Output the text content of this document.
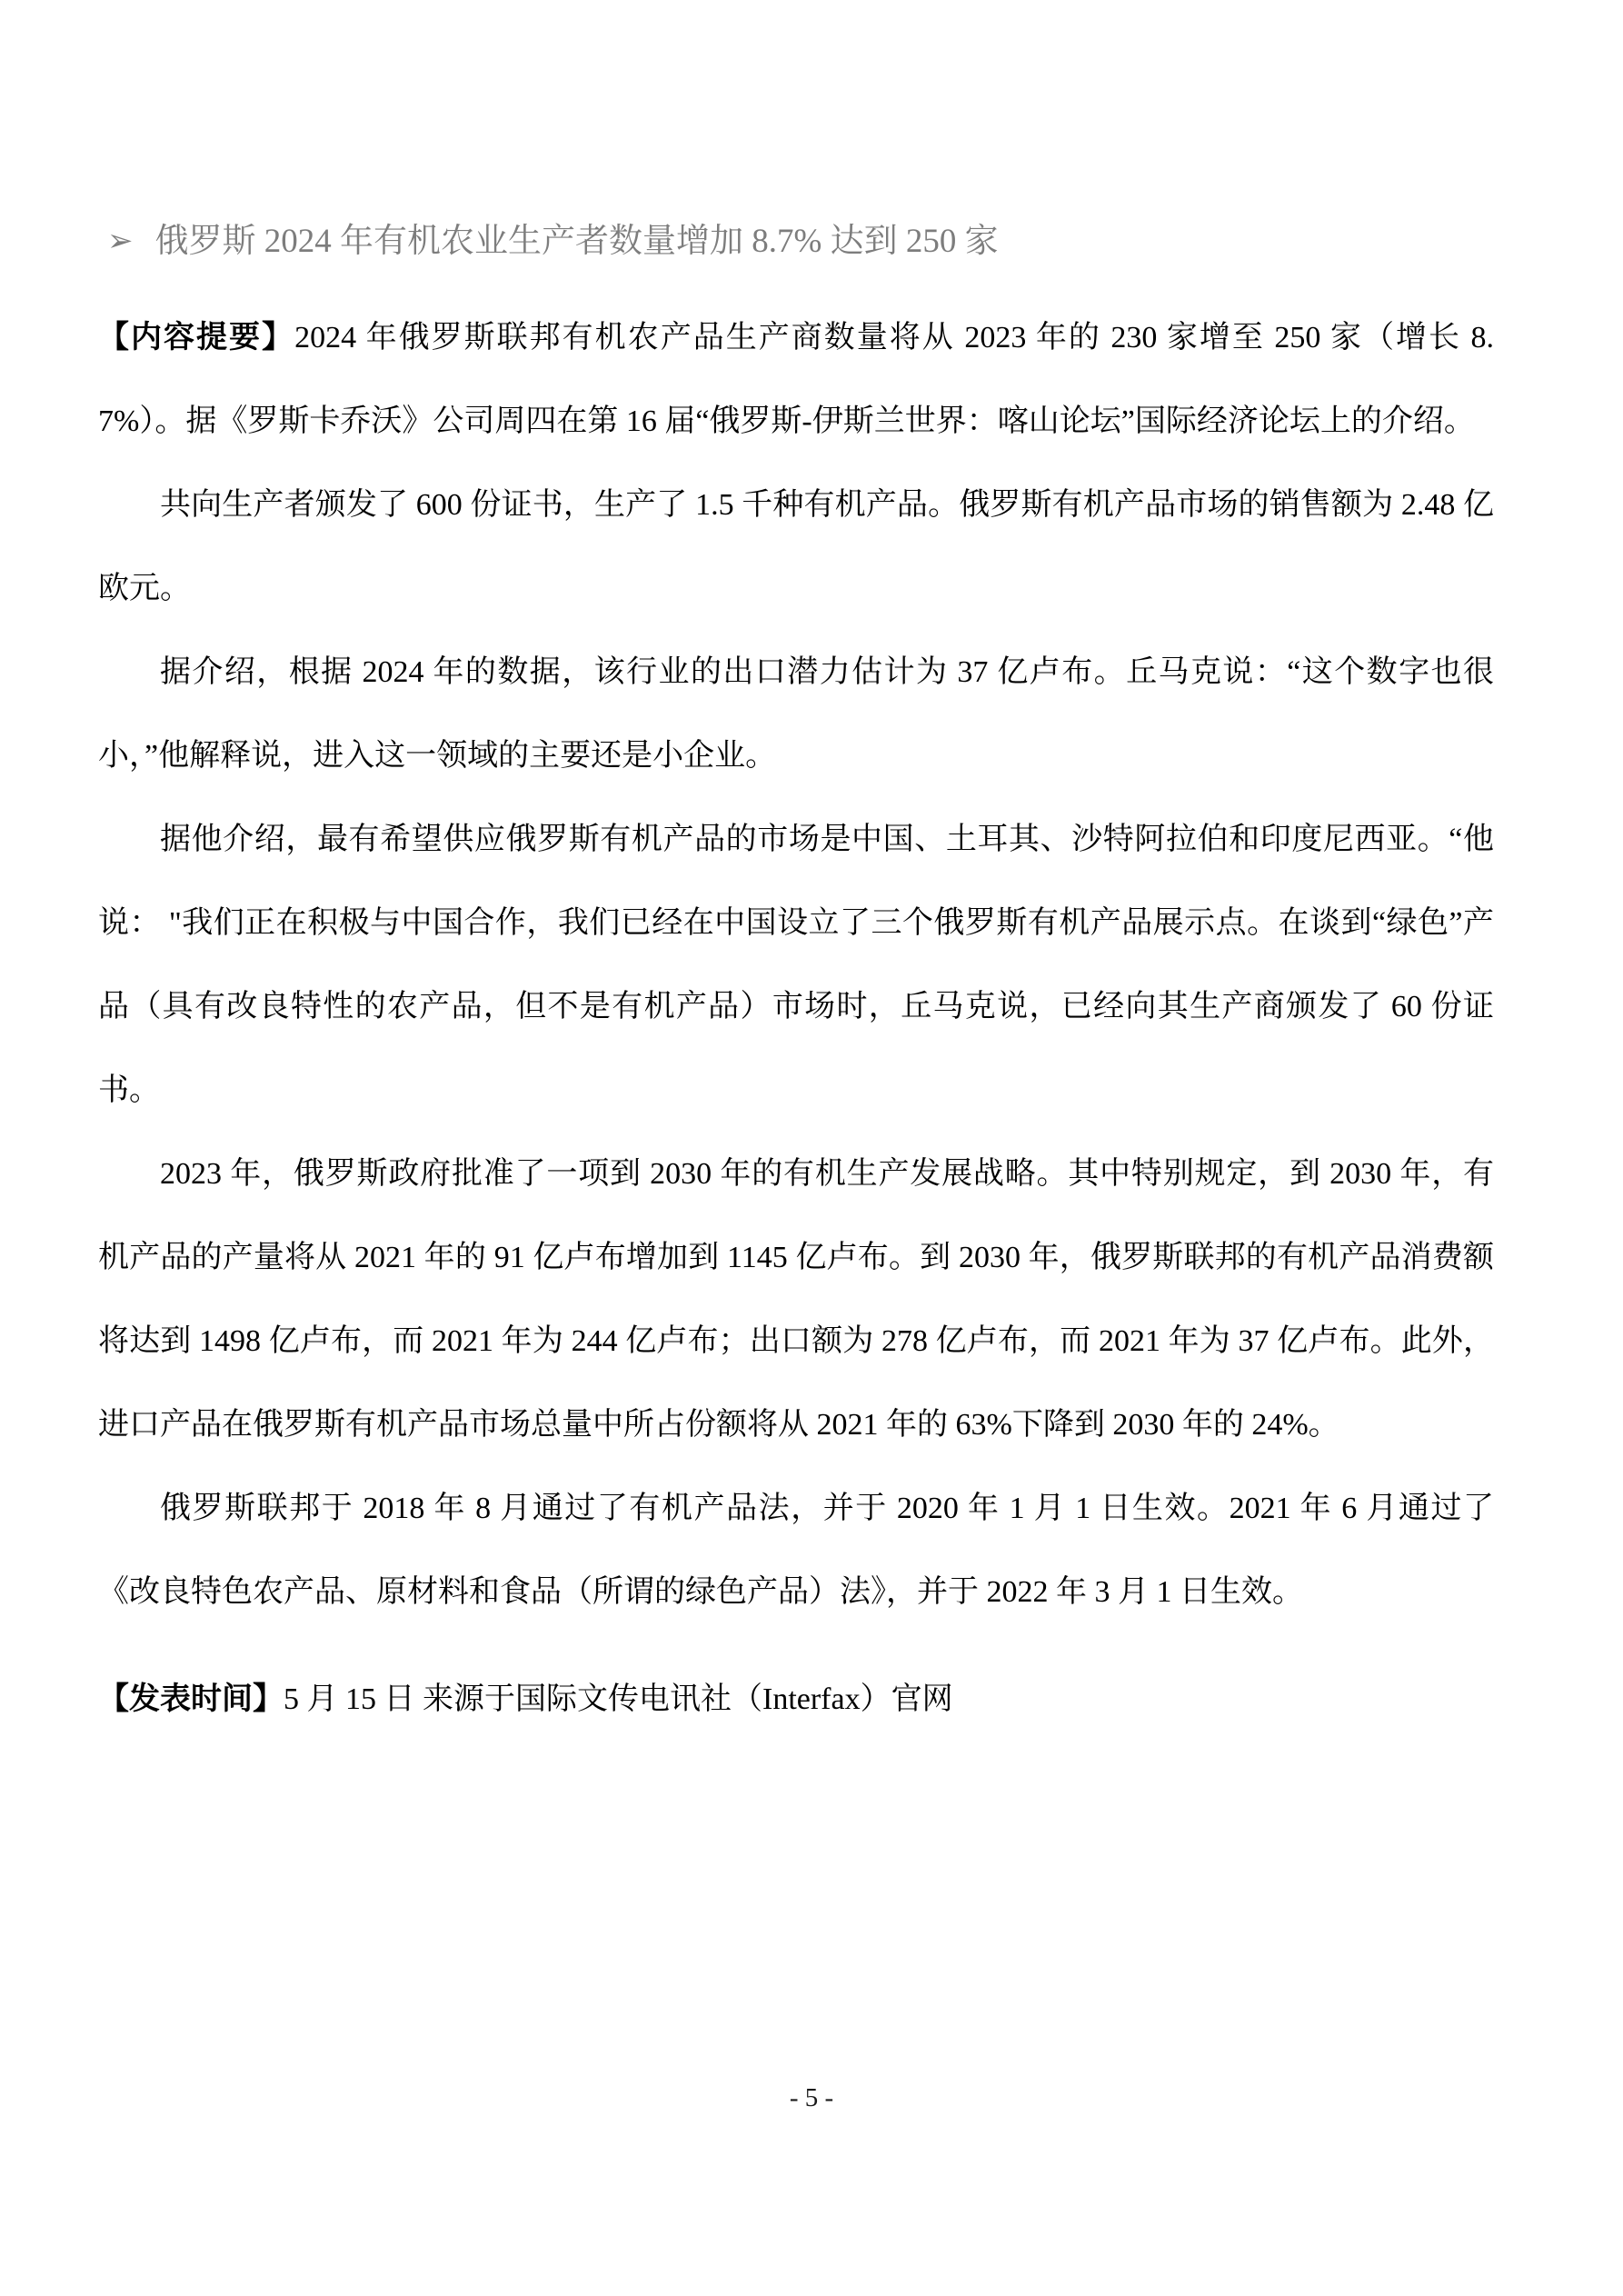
➢ 俄罗斯 2024 年有机农业生产者数量增加 8.7% 达到 250 家

【内容提要】2024 年俄罗斯联邦有机农产品生产商数量将从 2023 年的 230 家增至 250 家（增长 8.7%）。据《罗斯卡乔沃》公司周四在第 16 届“俄罗斯-伊斯兰世界：喀山论坛”国际经济论坛上的介绍。

共向生产者颁发了 600 份证书，生产了 1.5 千种有机产品。俄罗斯有机产品市场的销售额为 2.48 亿欧元。

据介绍，根据 2024 年的数据，该行业的出口潜力估计为 37 亿卢布。丘马克说：“这个数字也很小，”他解释说，进入这一领域的主要还是小企业。

据他介绍，最有希望供应俄罗斯有机产品的市场是中国、土耳其、沙特阿拉伯和印度尼西亚。“他说： "我们正在积极与中国合作，我们已经在中国设立了三个俄罗斯有机产品展示点。在谈到“绿色”产品（具有改良特性的农产品，但不是有机产品）市场时，丘马克说，已经向其生产商颁发了 60 份证书。

2023 年，俄罗斯政府批准了一项到 2030 年的有机生产发展战略。其中特别规定，到 2030 年，有机产品的产量将从 2021 年的 91 亿卢布增加到 1145 亿卢布。到 2030 年，俄罗斯联邦的有机产品消费额将达到 1498 亿卢布，而 2021 年为 244 亿卢布；出口额为 278 亿卢布，而 2021 年为 37 亿卢布。此外，进口产品在俄罗斯有机产品市场总量中所占份额将从 2021 年的 63%下降到 2030 年的 24%。

俄罗斯联邦于 2018 年 8 月通过了有机产品法，并于 2020 年 1 月 1 日生效。2021 年 6 月通过了《改良特色农产品、原材料和食品（所谓的绿色产品）法》，并于 2022 年 3 月 1 日生效。

【发表时间】5 月 15 日 来源于国际文传电讯社（Interfax）官网

- 5 -
